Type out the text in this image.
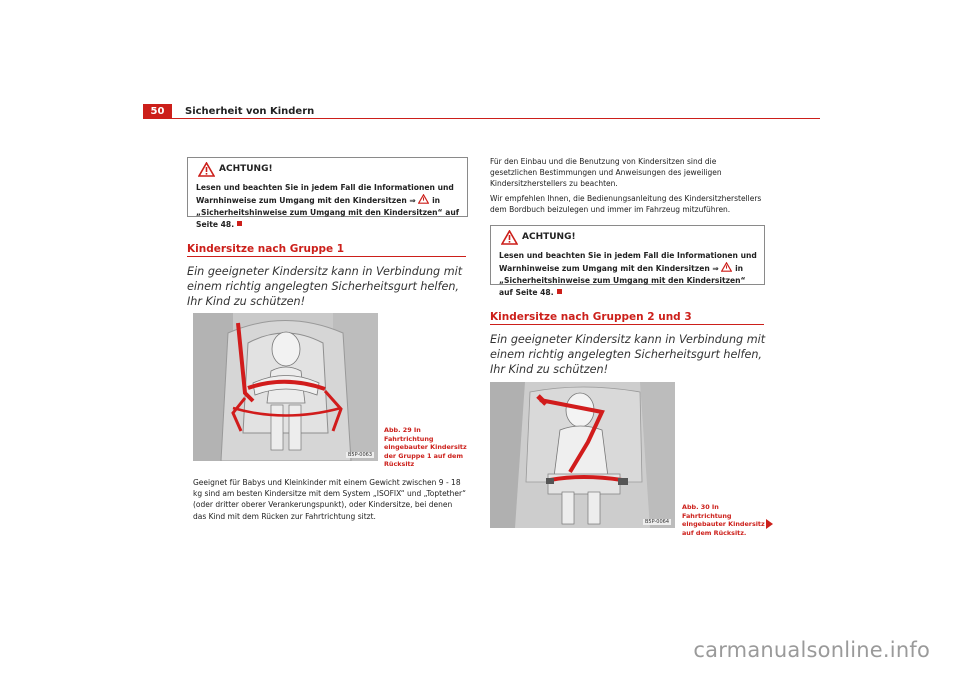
50	Sicherheit von Kindern
ACHTUNG!
Lesen und beachten Sie in jedem Fall die Informationen und Warnhinweise zum Umgang mit den Kindersitzen ⇒  in „Sicherheitshinweise zum Umgang mit den Kindersitzen“ auf Seite 48.
Kindersitze nach Gruppe 1
Ein geeigneter Kindersitz kann in Verbindung mit einem richtig angelegten Sicherheitsgurt helfen, Ihr Kind zu schützen!
B5P-0063
Abb. 29 In Fahrtrichtung eingebauter Kindersitz der Gruppe 1 auf dem Rücksitz
Geeignet für Babys und Kleinkinder mit einem Gewicht zwischen 9 - 18 kg sind am besten Kindersitze mit dem System „ISOFIX“ und „Toptether“ (oder dritter oberer Verankerungspunkt), oder Kindersitze, bei denen das Kind mit dem Rücken zur Fahrtrichtung sitzt.
Für den Einbau und die Benutzung von Kindersitzen sind die gesetzlichen Bestimmungen und Anweisungen des jeweiligen Kindersitzherstellers zu beachten.
Wir empfehlen Ihnen, die Bedienungsanleitung des Kindersitzherstellers dem Bordbuch beizulegen und immer im Fahrzeug mitzuführen.
ACHTUNG!
Lesen und beachten Sie in jedem Fall die Informationen und Warnhinweise zum Umgang mit den Kindersitzen ⇒  in „Sicherheitshinweise zum Umgang mit den Kindersitzen“ auf Seite 48.
Kindersitze nach Gruppen 2 und 3
Ein geeigneter Kindersitz kann in Verbindung mit einem richtig angelegten Sicherheitsgurt helfen, Ihr Kind zu schützen!
B5P-0064
Abb. 30 In Fahrtrichtung eingebauter Kindersitz auf dem Rücksitz.
carmanualsonline.info
